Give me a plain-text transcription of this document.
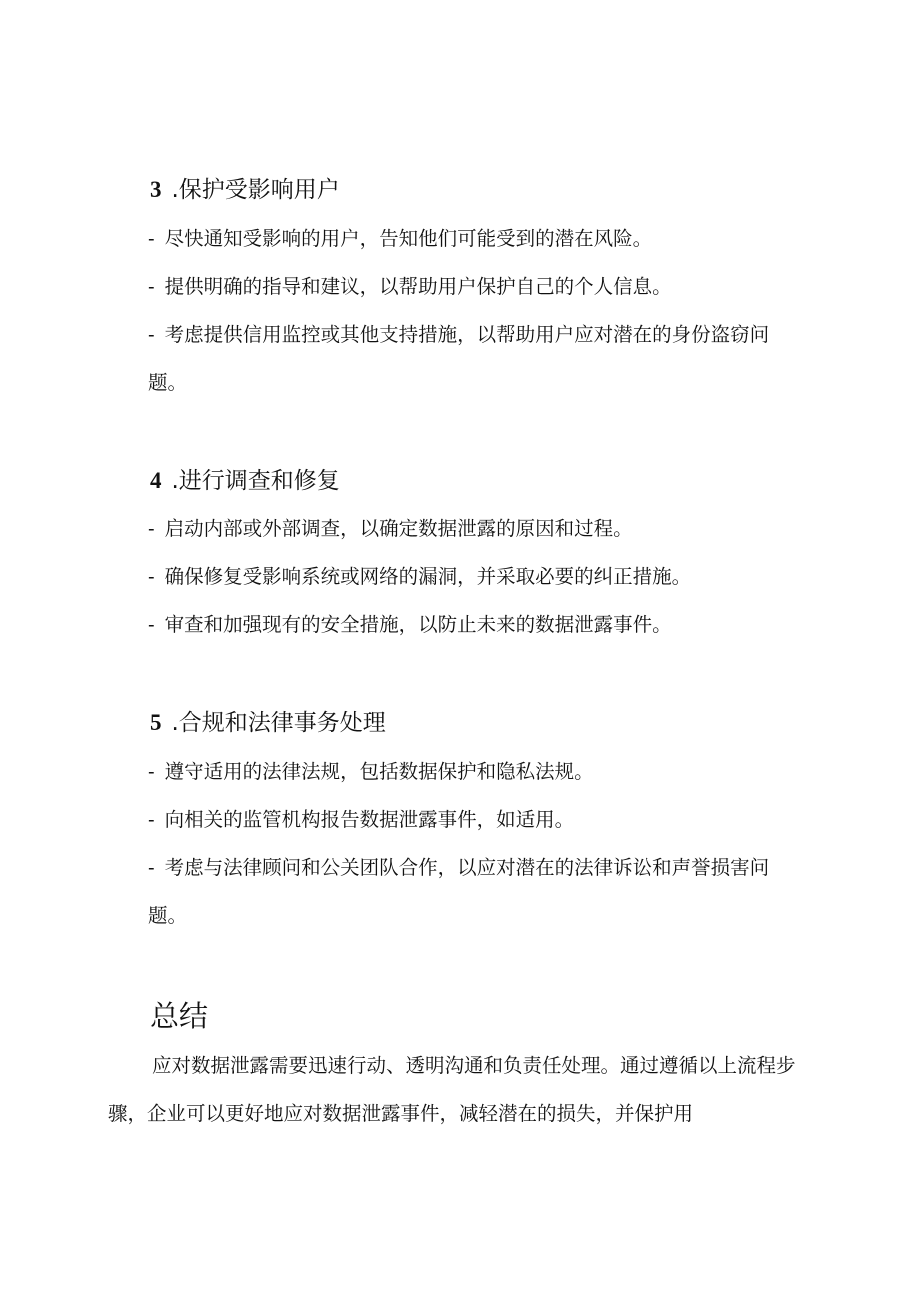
3 .保护受影响用户
- 尽快通知受影响的用户，告知他们可能受到的潜在风险。
- 提供明确的指导和建议，以帮助用户保护自己的个人信息。
- 考虑提供信用监控或其他支持措施，以帮助用户应对潜在的身份盗窃问题。
4 .进行调查和修复
- 启动内部或外部调查，以确定数据泄露的原因和过程。
- 确保修复受影响系统或网络的漏洞，并采取必要的纠正措施。
- 审查和加强现有的安全措施，以防止未来的数据泄露事件。
5 .合规和法律事务处理
- 遵守适用的法律法规，包括数据保护和隐私法规。
- 向相关的监管机构报告数据泄露事件，如适用。
- 考虑与法律顾问和公关团队合作，以应对潜在的法律诉讼和声誉损害问题。
总结
应对数据泄露需要迅速行动、透明沟通和负责任处理。通过遵循以上流程步骤，企业可以更好地应对数据泄露事件，减轻潜在的损失，并保护用
